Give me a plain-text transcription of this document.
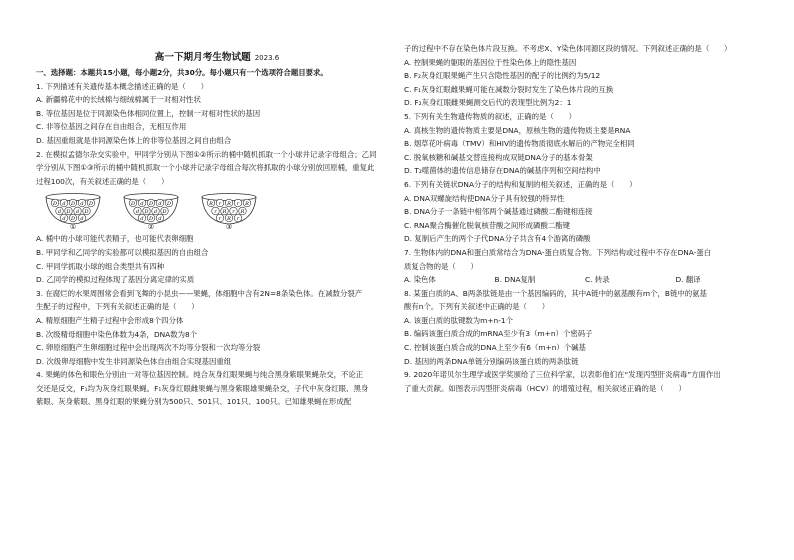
高一下期月考生物试题 2023.6
一、选择题：本题共15小题，每小题2分，共30分。每小题只有一个选项符合题目要求。
1. 下列描述有关遗传基本概念描述正确的是（　　）
A. 新疆棉花中的长绒棉与细绒棉属于一对相对性状
B. 等位基因是位于同源染色体相同位置上，控制一对相对性状的基因
C. 非等位基因之间存在自由组合，无相互作用
D. 基因重组就是非同源染色体上的非等位基因之间自由组合
2. 在模拟孟德尔杂交实验中，甲同学分别从下图①②所示的桶中随机抓取一个小球并记录字母组合；乙同
学分别从下图①③所示的桶中随机抓取一个小球并记录字母组合每次将抓取的小球分别放回原桶，重复此
过程100次，有关叙述正确的是（　　）
D d D d D
d D d D
d D d
①
D d D d D
d D d D
d D d
②
R r R r R
r R r R
r R r
③
A. 桶中的小球可能代表精子，也可能代表卵细胞
B. 甲同学和乙同学的实验都可以模拟基因的自由组合
C. 甲同学抓取小球的组合类型共有四种
D. 乙同学的模拟过程体现了基因分离定律的实质
3. 在腐烂的水果周围常会看到飞舞的小昆虫——果蝇，体细胞中含有2N=8条染色体。在减数分裂产
生配子的过程中，下列有关叙述正确的是（　　）
A. 精原细胞产生精子过程中会形成8个四分体
B. 次级精母细胞中染色体数为4条，DNA数为8个
C. 卵原细胞产生卵细胞过程中会出现两次不均等分裂和一次均等分裂
D. 次级卵母细胞中发生非同源染色体自由组合实现基因重组
4. 果蝇的体色和眼色分别由一对等位基因控制。纯合灰身红眼果蝇与纯合黑身紫眼果蝇杂交，不论正
交还是反交，F₁均为灰身红眼果蝇。F₁灰身红眼雌果蝇与黑身紫眼雄果蝇杂交，子代中灰身红眼、黑身
紫眼、灰身紫眼、黑身红眼的果蝇分别为500只、501只、101只、100只。已知雄果蝇在形成配
子的过程中不存在染色体片段互换。不考虑X、Y染色体同源区段的情况。下列叙述正确的是（　　）
A. 控制果蝇的躯眼的基因位于性染色体上的隐性基因
B. F₂灰身红眼果蝇产生只含隐性基因的配子的比例约为5/12
C. F₁灰身红眼雌果蝇可能在减数分裂时发生了染色体片段的互换
D. F₂灰身红眼雌果蝇测交后代的表现型比例为2：1
5. 下列有关生物遗传物质的叙述，正确的是（　　）
A. 真核生物的遗传物质主要是DNA，原核生物的遗传物质主要是RNA
B. 烟草花叶病毒（TMV）和HIV的遗传物质彻底水解后的产物完全相同
C. 脱氧核糖和碱基交替连接构成双链DNA分子的基本骨架
D. T₂噬菌体的遗传信息储存在DNA的碱基序列和空间结构中
6. 下列有关链状DNA分子的结构和复制的相关叙述，正确的是（　　）
A. DNA双螺旋结构使DNA分子具有较强的特异性
B. DNA分子一条链中相邻两个碱基通过磷酸二酯键相连接
C. RNA聚合酶催化脱氧核苷酸之间形成磷酸二酯键
D. 复制后产生的两个子代DNA分子共含有4个游离的磷酸
7. 生物体内的DNA和蛋白质常结合为DNA-蛋白质复合物。下列结构或过程中不存在DNA-蛋白
质复合物的是（　　）
A. 染色体	B. DNA复制	C. 转录	D. 翻译
8. 某蛋白质的A、B两条肽链是由一个基因编码的，其中A链中的氨基酸有m个，B链中的氨基
酸有n个。下列有关叙述中正确的是（　　）
A. 该蛋白质的肽键数为m+n-1个
B. 编码该蛋白质合成的mRNA至少有3（m+n）个密码子
C. 控制该蛋白质合成的DNA上至少有6（m+n）个碱基
D. 基因的两条DNA单链分别编码该蛋白质的两条肽链
9. 2020年诺贝尔生理学或医学奖颁给了三位科学家，以表彰他们在“发现丙型肝炎病毒”方面作出
了重大贡献。如图表示丙型肝炎病毒（HCV）的增殖过程，相关叙述正确的是（　　）
